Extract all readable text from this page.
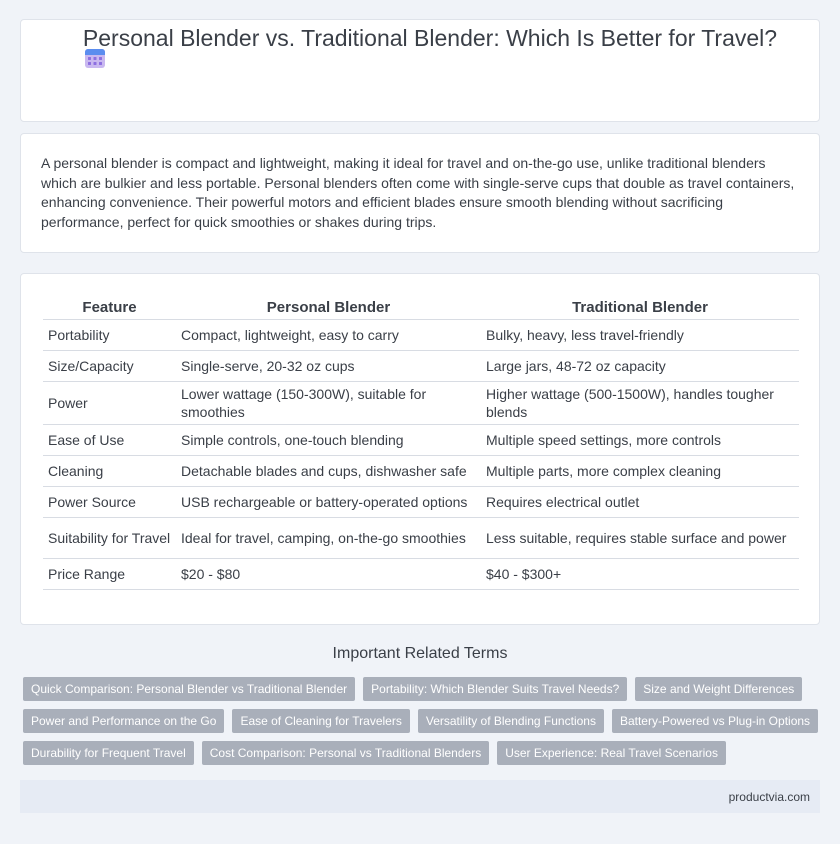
Personal Blender vs. Traditional Blender: Which Is Better for Travel?

A personal blender is compact and lightweight, making it ideal for travel and on-the-go use, unlike traditional blenders which are bulkier and less portable. Personal blenders often come with single-serve cups that double as travel containers, enhancing convenience. Their powerful motors and efficient blades ensure smooth blending without sacrificing performance, perfect for quick smoothies or shakes during trips.

Feature	Personal Blender	Traditional Blender
Portability	Compact, lightweight, easy to carry	Bulky, heavy, less travel-friendly
Size/Capacity	Single-serve, 20-32 oz cups	Large jars, 48-72 oz capacity
Power	Lower wattage (150-300W), suitable for smoothies	Higher wattage (500-1500W), handles tougher blends
Ease of Use	Simple controls, one-touch blending	Multiple speed settings, more controls
Cleaning	Detachable blades and cups, dishwasher safe	Multiple parts, more complex cleaning
Power Source	USB rechargeable or battery-operated options	Requires electrical outlet
Suitability for Travel	Ideal for travel, camping, on-the-go smoothies	Less suitable, requires stable surface and power
Price Range	$20 - $80	$40 - $300+
Important Related Terms
Quick Comparison: Personal Blender vs Traditional Blender	Portability: Which Blender Suits Travel Needs?	Size and Weight Differences
Power and Performance on the Go	Ease of Cleaning for Travelers	Versatility of Blending Functions	Battery-Powered vs Plug-in Options
Durability for Frequent Travel	Cost Comparison: Personal vs Traditional Blenders	User Experience: Real Travel Scenarios
productvia.com
